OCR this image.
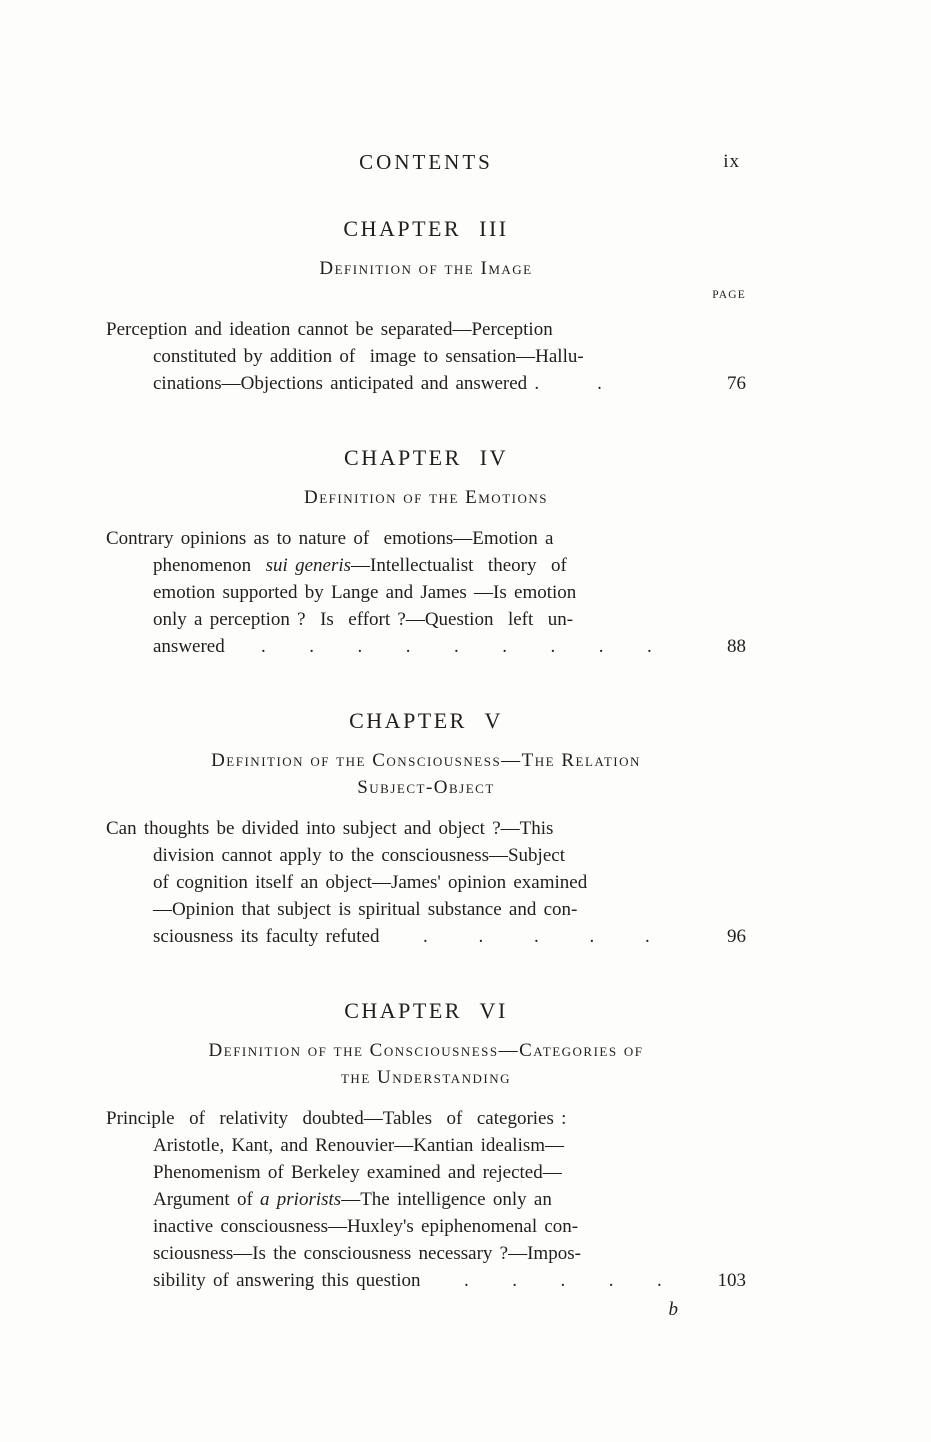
CONTENTS	ix
CHAPTER III
Definition of the Image
PAGE
Perception and ideation cannot be separated—Perception
constituted by addition of  image to sensation—Hallu-
cinations—Objections anticipated and answered .        .	76
CHAPTER IV
Definition of the Emotions
Contrary opinions as to nature of  emotions—Emotion a
phenomenon  sui generis—Intellectualist  theory  of
emotion supported by Lange and James —Is emotion
only a perception ?  Is  effort ?—Question  left  un-
answered     .      .      .      .      .      .      .      .      .	88
CHAPTER V
Definition of the Consciousness—The Relation
Subject-Object
Can thoughts be divided into subject and object ?—This
division cannot apply to the consciousness—Subject
of cognition itself an object—James' opinion examined
—Opinion that subject is spiritual substance and con-
sciousness its faculty refuted      .       .       .       .       .	96
CHAPTER VI
Definition of the Consciousness—Categories of
the Understanding
Principle  of  relativity  doubted—Tables  of  categories :
Aristotle, Kant, and Renouvier—Kantian idealism—
Phenomenism of Berkeley examined and rejected—
Argument of a priorists—The intelligence only an
inactive consciousness—Huxley's epiphenomenal con-
sciousness—Is the consciousness necessary ?—Impos-
sibility of answering this question      .      .      .      .      .	103
b
